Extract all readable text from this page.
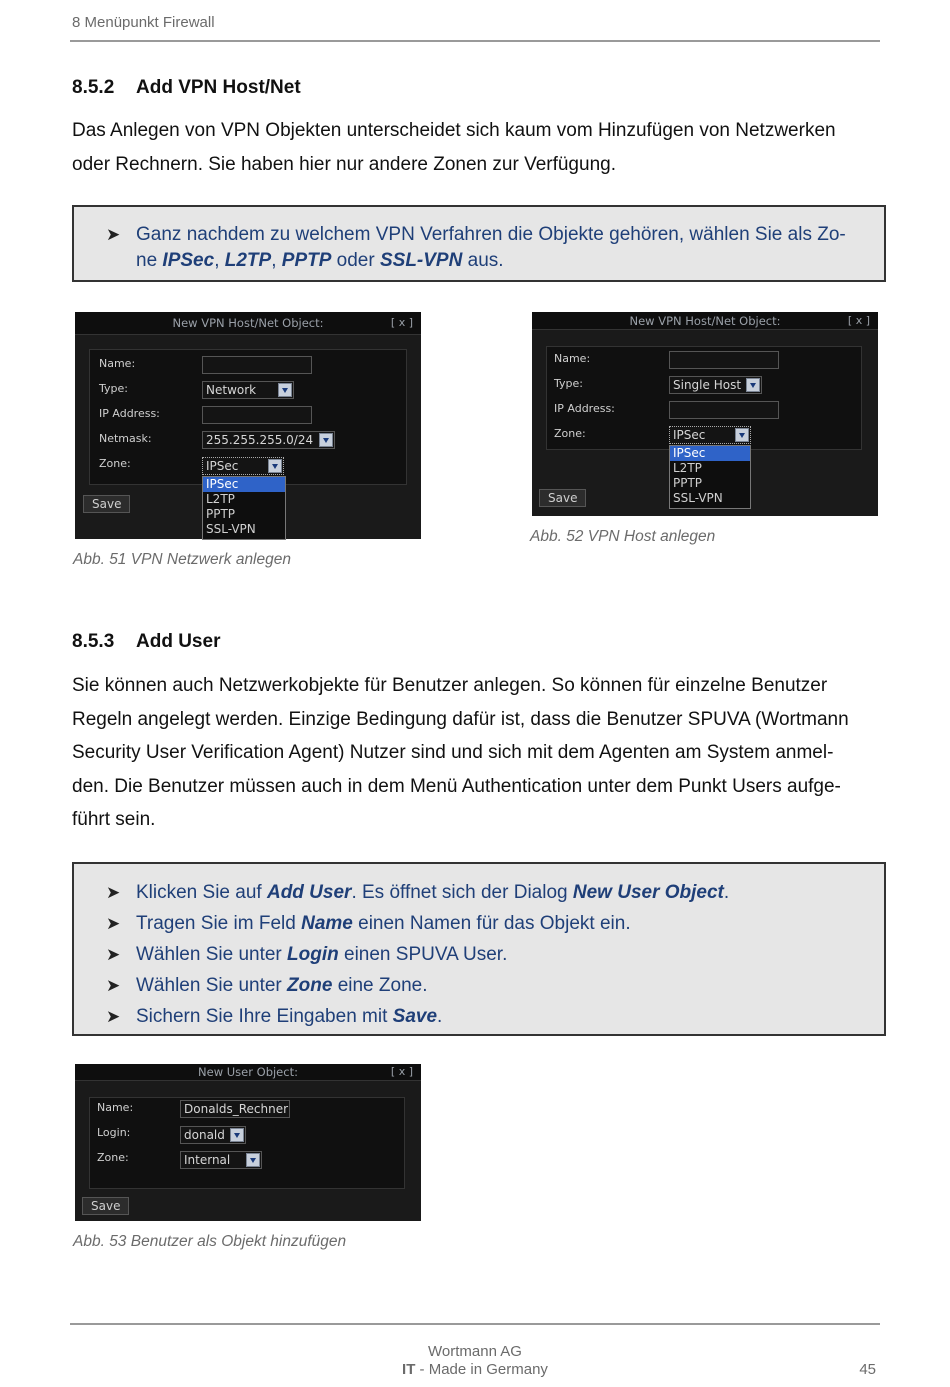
8 Menüpunkt Firewall
8.5.2 Add VPN Host/Net
Das Anlegen von VPN Objekten unterscheidet sich kaum vom Hinzufügen von Netzwerken
oder Rechnern. Sie haben hier nur andere Zonen zur Verfügung.
➤ Ganz nachdem zu welchem VPN Verfahren die Objekte gehören, wählen Sie als Zo-
ne IPSec, L2TP, PPTP oder SSL-VPN aus.
New VPN Host/Net Object:	[ x ]
Name:
Type:	Network
IP Address:
Netmask:	255.255.255.0/24
Zone:	IPSec
IPSec
L2TP
PPTP
SSL-VPN
Save
Abb. 51 VPN Netzwerk anlegen
New VPN Host/Net Object:	[ x ]
Name:
Type:	Single Host
IP Address:
Zone:	IPSec
IPSec
L2TP
PPTP
SSL-VPN
Save
Abb. 52 VPN Host anlegen
8.5.3 Add User
Sie können auch Netzwerkobjekte für Benutzer anlegen. So können für einzelne Benutzer
Regeln angelegt werden. Einzige Bedingung dafür ist, dass die Benutzer SPUVA (Wortmann
Security User Verification Agent) Nutzer sind und sich mit dem Agenten am System anmel-
den. Die Benutzer müssen auch in dem Menü Authentication unter dem Punkt Users aufge-
führt sein.
➤ Klicken Sie auf Add User. Es öffnet sich der Dialog New User Object.
➤ Tragen Sie im Feld Name einen Namen für das Objekt ein.
➤ Wählen Sie unter Login einen SPUVA User.
➤ Wählen Sie unter Zone eine Zone.
➤ Sichern Sie Ihre Eingaben mit Save.
New User Object:	[ x ]
Name:	Donalds_Rechner
Login:	donald
Zone:	Internal
Save
Abb. 53 Benutzer als Objekt hinzufügen
Wortmann AG
IT - Made in Germany	45
